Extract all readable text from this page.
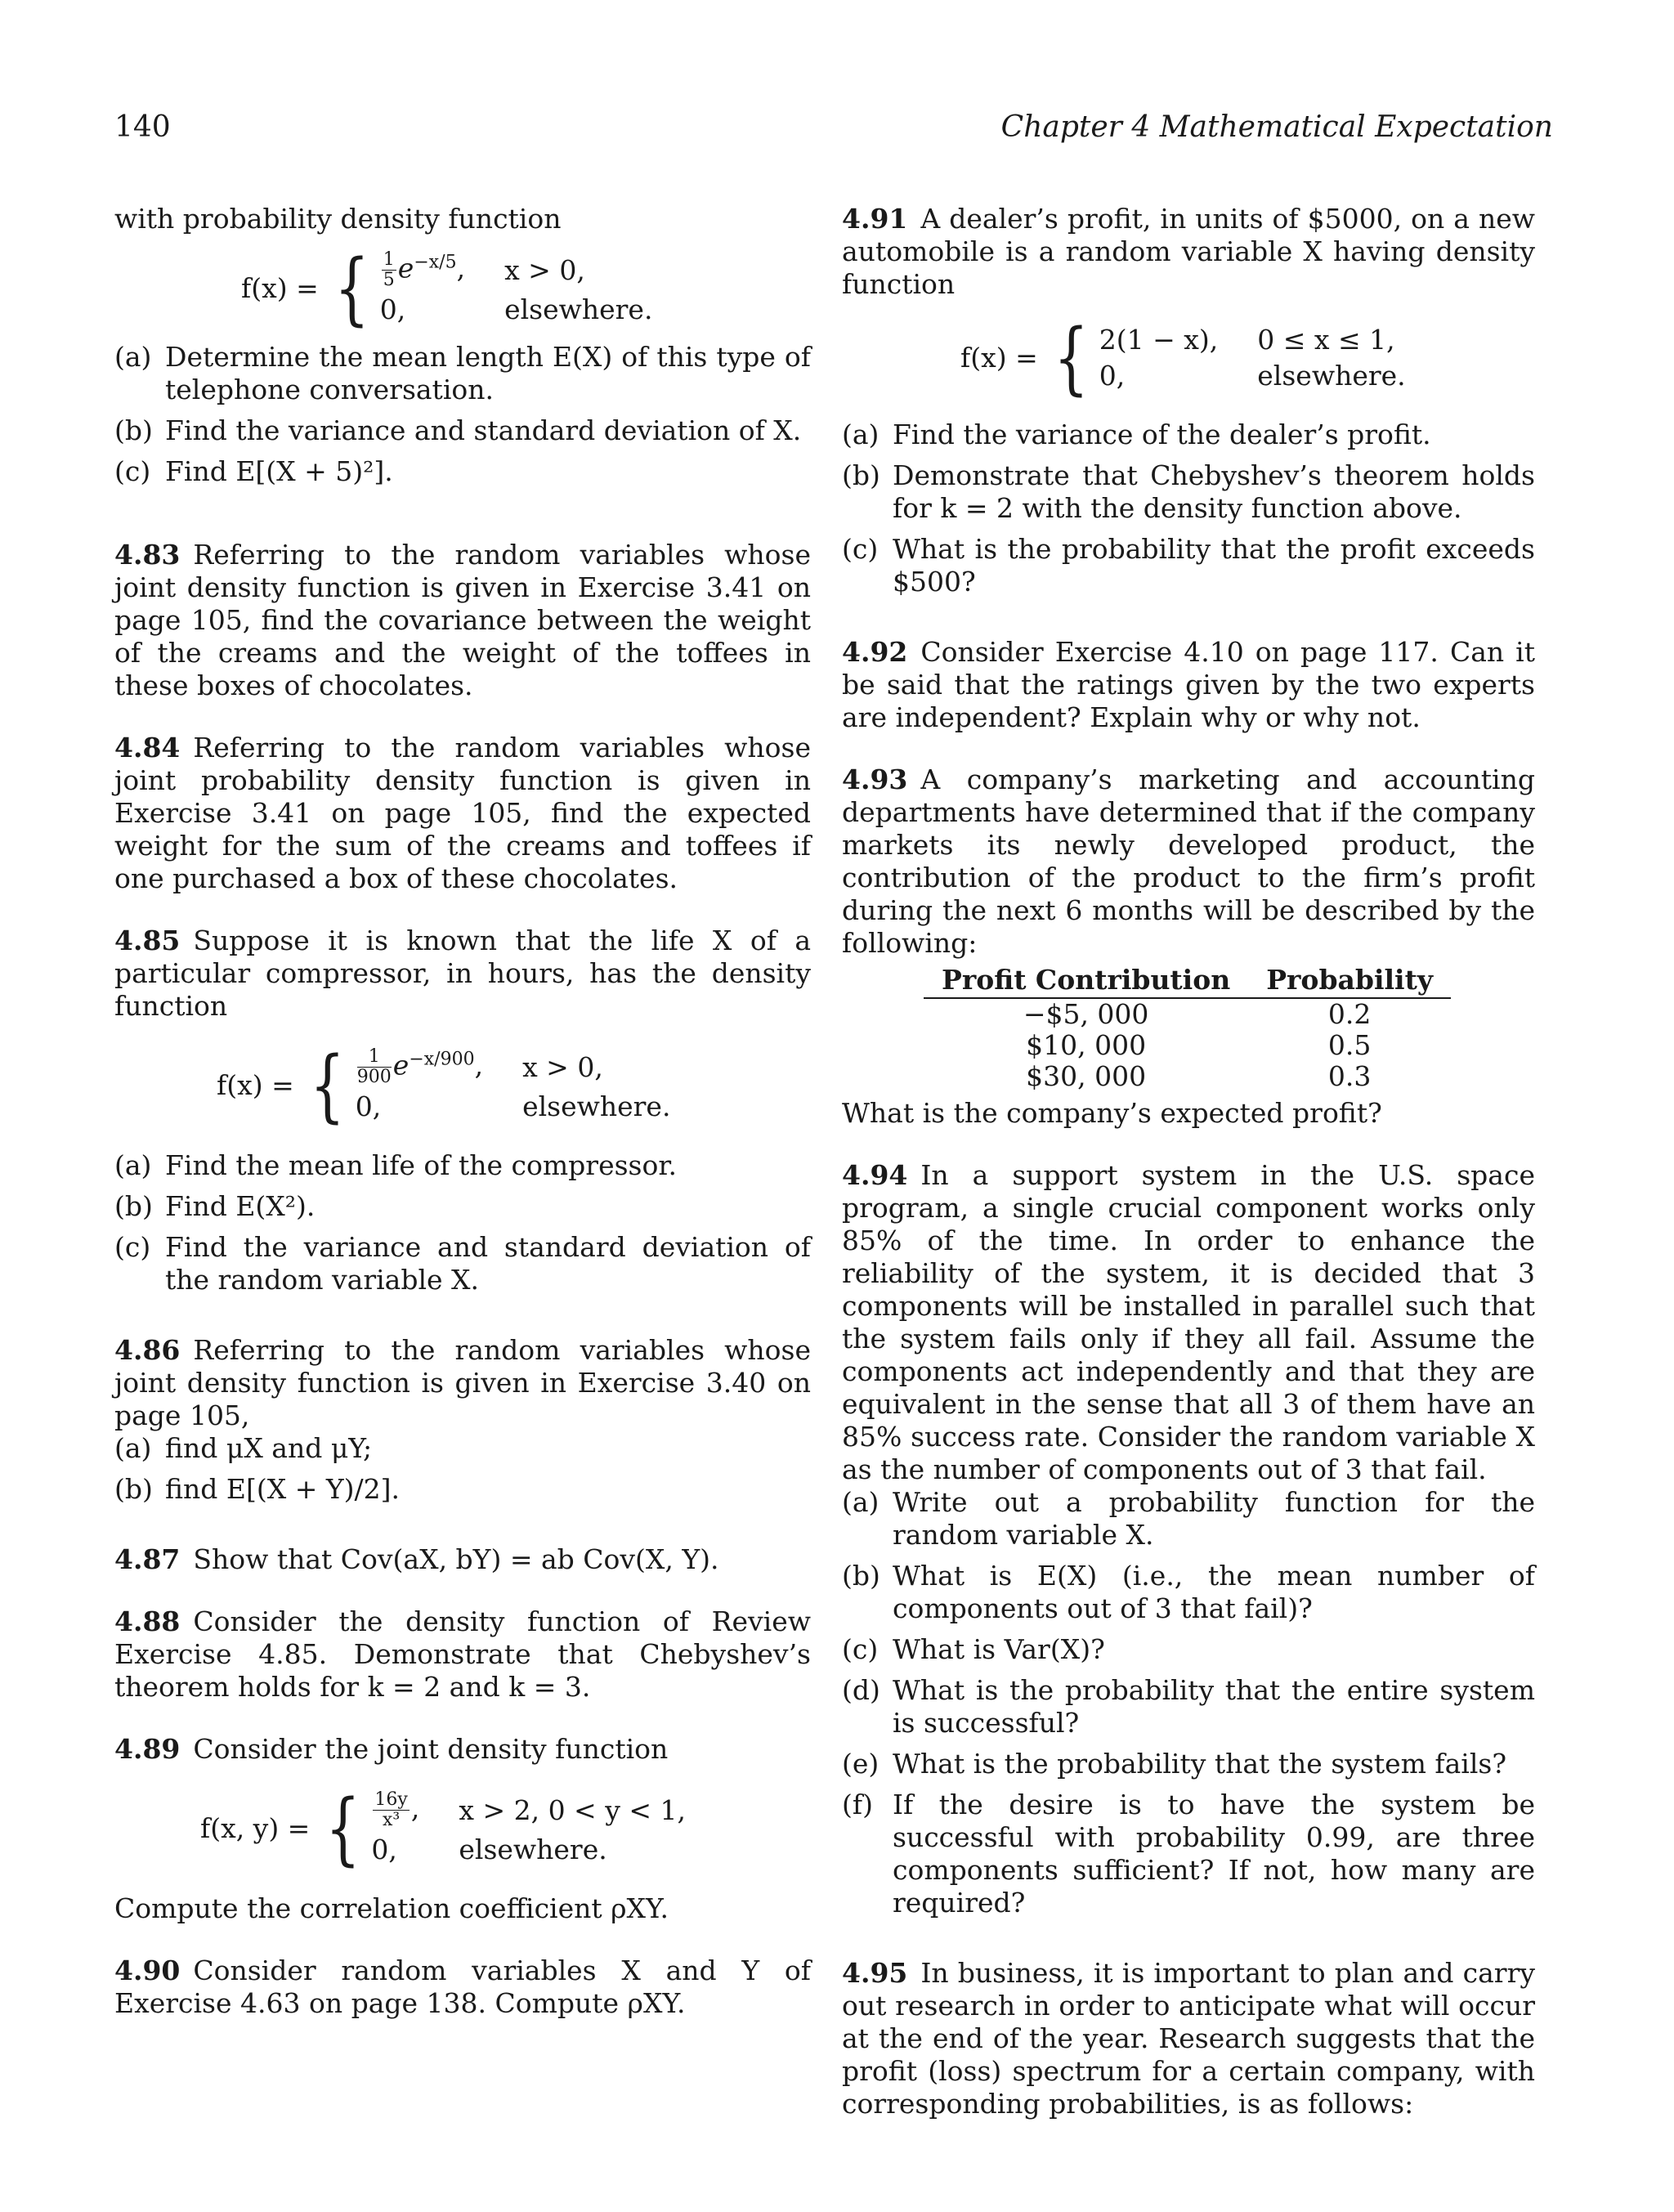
140	Chapter 4 Mathematical Expectation

with probability density function

f(x) = { $\frac{1}{5} e^{-x/5}$, x > 0,
0,	elsewhere.
(a) Determine the mean length E(X) of this type of telephone conversation.
(b) Find the variance and standard deviation of X.
(c) Find E[(X + 5)²].

4.83 Referring to the random variables whose joint density function is given in Exercise 3.41 on page 105, find the covariance between the weight of the creams and the weight of the toffees in these boxes of chocolates.

4.84 Referring to the random variables whose joint probability density function is given in Exercise 3.41 on page 105, find the expected weight for the sum of the creams and toffees if one purchased a box of these chocolates.

4.85 Suppose it is known that the life X of a particular compressor, in hours, has the density function

f(x) = { $\frac{1}{900} e^{-x/900}$, x > 0,
0,	elsewhere.
(a) Find the mean life of the compressor.
(b) Find E(X²).
(c) Find the variance and standard deviation of the random variable X.

4.86 Referring to the random variables whose joint density function is given in Exercise 3.40 on page 105,

(a) find μX and μY;
(b) find E[(X + Y)/2].

4.87 Show that Cov(aX, bY) = ab Cov(X, Y).

4.88 Consider the density function of Review Exercise 4.85. Demonstrate that Chebyshev’s theorem holds for k = 2 and k = 3.

4.89 Consider the joint density function

f(x, y) = { $\frac{16y}{\text{x³}}$ , x > 2, 0 < y < 1,
0,	elsewhere.

Compute the correlation coefficient ρXY.

4.90 Consider random variables X and Y of Exercise 4.63 on page 138. Compute ρXY.

4.91 A dealer’s profit, in units of $5000, on a new automobile is a random variable X having density function

f(x) = { 2(1 − x), 0 ≤ x ≤ 1,
0,	elsewhere.
(a) Find the variance of the dealer’s profit.
(b) Demonstrate that Chebyshev’s theorem holds for k = 2 with the density function above.
(c) What is the probability that the profit exceeds $500?

4.92 Consider Exercise 4.10 on page 117. Can it be said that the ratings given by the two experts are independent? Explain why or why not.

4.93 A company’s marketing and accounting departments have determined that if the company markets its newly developed product, the contribution of the product to the firm’s profit during the next 6 months will be described by the following:

Profit Contribution	Probability
−$5, 000	0.2
$10, 000	0.5
$30, 000	0.3

What is the company’s expected profit?

4.94 In a support system in the U.S. space program, a single crucial component works only 85% of the time. In order to enhance the reliability of the system, it is decided that 3 components will be installed in parallel such that the system fails only if they all fail. Assume the components act independently and that they are equivalent in the sense that all 3 of them have an 85% success rate. Consider the random variable X as the number of components out of 3 that fail.

(a) Write out a probability function for the random variable X.
(b) What is E(X) (i.e., the mean number of components out of 3 that fail)?
(c) What is Var(X)?
(d) What is the probability that the entire system is successful?
(e) What is the probability that the system fails?
(f) If the desire is to have the system be successful with probability 0.99, are three components sufficient? If not, how many are required?

4.95 In business, it is important to plan and carry out research in order to anticipate what will occur at the end of the year. Research suggests that the profit (loss) spectrum for a certain company, with corresponding probabilities, is as follows:
